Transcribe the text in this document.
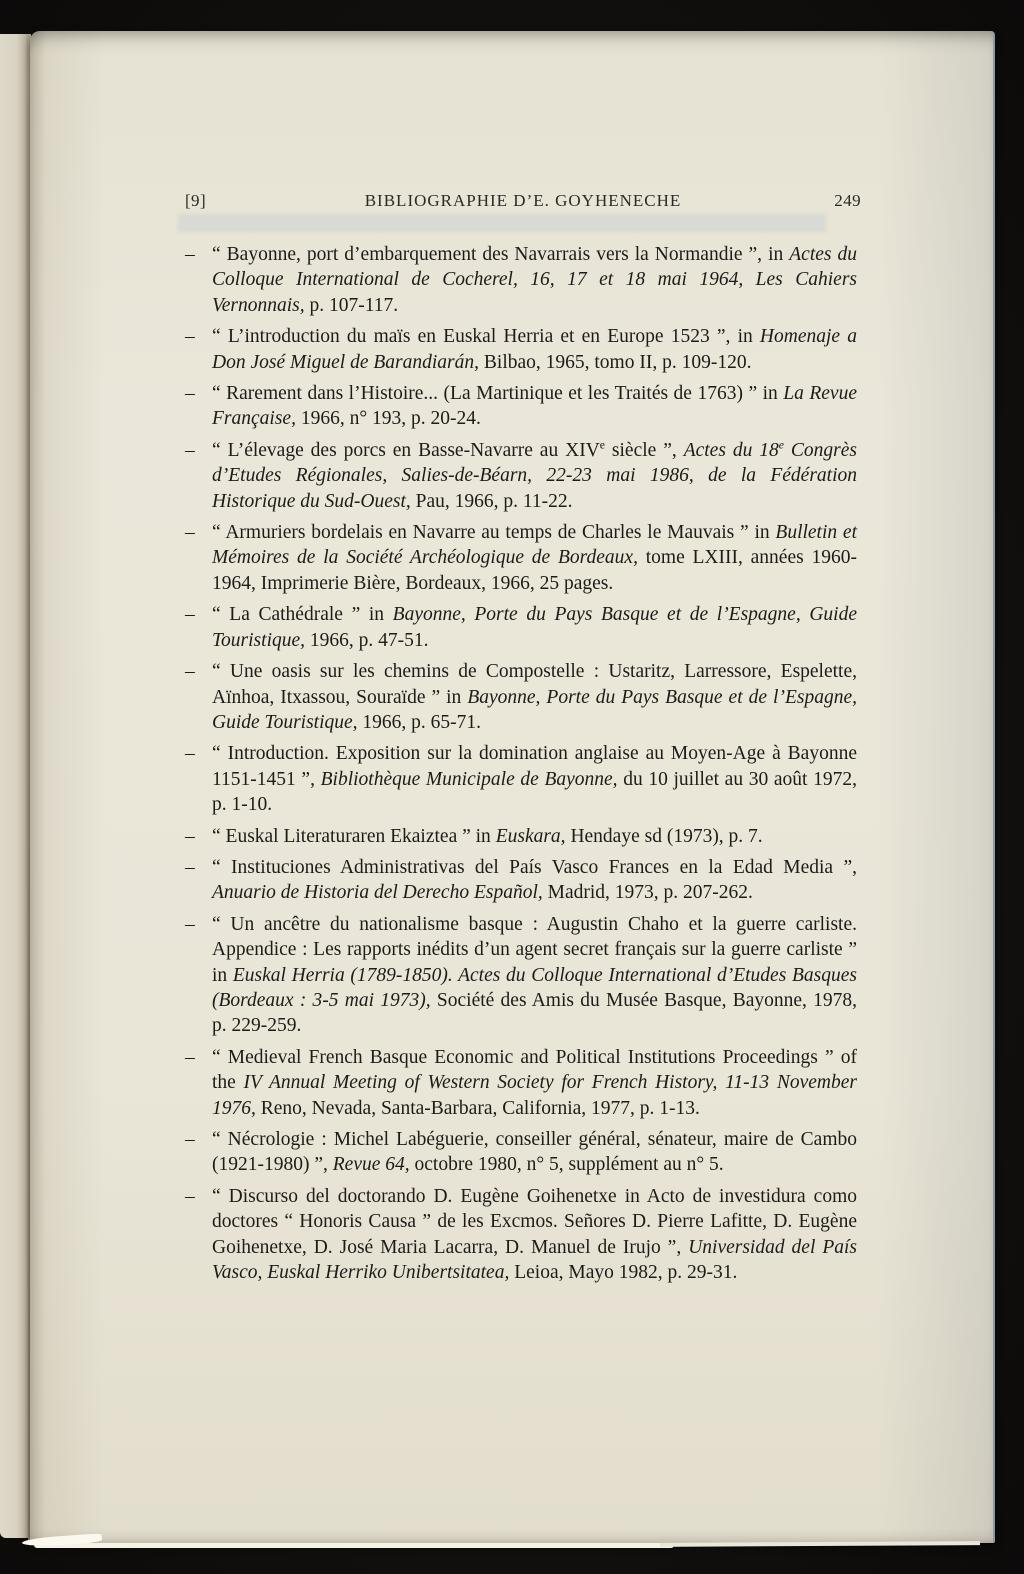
[9]	BIBLIOGRAPHIE D’E. GOYHENECHE	249
– “ Bayonne, port d’embarquement des Navarrais vers la Normandie ”, in Actes du Colloque International de Cocherel, 16, 17 et 18 mai 1964, Les Cahiers Vernonnais, p. 107-117.
– “ L’introduction du maïs en Euskal Herria et en Europe 1523 ”, in Homenaje a Don José Miguel de Barandiarán, Bilbao, 1965, tomo II, p. 109-120.
– “ Rarement dans l’Histoire... (La Martinique et les Traités de 1763) ” in La Revue Française, 1966, n° 193, p. 20-24.
– “ L’élevage des porcs en Basse-Navarre au XIVe siècle ”, Actes du 18e Congrès d’Etudes Régionales, Salies-de-Béarn, 22-23 mai 1986, de la Fédération Historique du Sud-Ouest, Pau, 1966, p. 11-22.
– “ Armuriers bordelais en Navarre au temps de Charles le Mauvais ” in Bulletin et Mémoires de la Société Archéologique de Bordeaux, tome LXIII, années 1960-1964, Imprimerie Bière, Bordeaux, 1966, 25 pages.
– “ La Cathédrale ” in Bayonne, Porte du Pays Basque et de l’Espagne, Guide Touristique, 1966, p. 47-51.
– “ Une oasis sur les chemins de Compostelle : Ustaritz, Larressore, Espelette, Aïnhoa, Itxassou, Souraïde ” in Bayonne, Porte du Pays Basque et de l’Espagne, Guide Touristique, 1966, p. 65-71.
– “ Introduction. Exposition sur la domination anglaise au Moyen-Age à Bayonne 1151-1451 ”, Bibliothèque Municipale de Bayonne, du 10 juillet au 30 août 1972, p. 1-10.
– “ Euskal Literaturaren Ekaiztea ” in Euskara, Hendaye sd (1973), p. 7.
– “ Instituciones Administrativas del País Vasco Frances en la Edad Media ”, Anuario de Historia del Derecho Español, Madrid, 1973, p. 207-262.
– “ Un ancêtre du nationalisme basque : Augustin Chaho et la guerre carliste. Appendice : Les rapports inédits d’un agent secret français sur la guerre carliste ” in Euskal Herria (1789-1850). Actes du Colloque International d’Etudes Basques (Bordeaux : 3-5 mai 1973), Société des Amis du Musée Basque, Bayonne, 1978, p. 229-259.
– “ Medieval French Basque Economic and Political Institutions Proceedings ” of the IV Annual Meeting of Western Society for French History, 11-13 November 1976, Reno, Nevada, Santa-Barbara, California, 1977, p. 1-13.
– “ Nécrologie : Michel Labéguerie, conseiller général, sénateur, maire de Cambo (1921-1980) ”, Revue 64, octobre 1980, n° 5, supplément au n° 5.
– “ Discurso del doctorando D. Eugène Goihenetxe in Acto de investidura como doctores “ Honoris Causa ” de les Excmos. Señores D. Pierre Lafitte, D. Eugène Goihenetxe, D. José Maria Lacarra, D. Manuel de Irujo ”, Universidad del País Vasco, Euskal Herriko Unibertsitatea, Leioa, Mayo 1982, p. 29-31.
